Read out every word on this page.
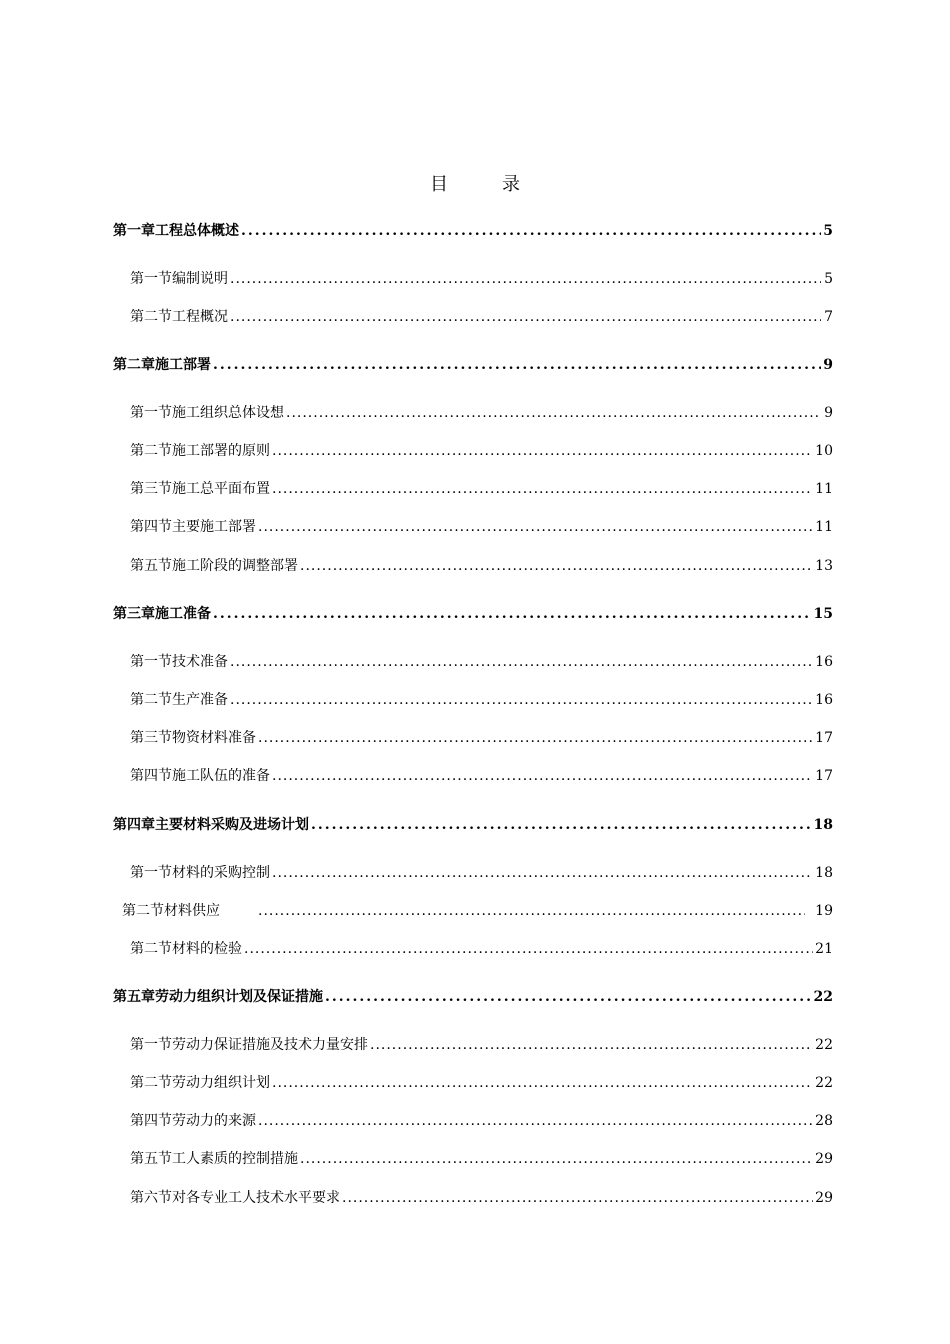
目　录
第一章 工程总体概述 .....	5
第一节 编制说明 .....	5
第二节 工程概况 .....	7
第二章 施工部署 .....	9
第一节 施工组织总体设想 .....	9
第二节 施工部署的原则 .....	10
第三节 施工总平面布置 .....	11
第四节 主要施工部署 .....	11
第五节 施工阶段的调整部署 .....	13
第三章 施工准备 .....	15
第一节 技术准备 .....	16
第二节 生产准备 .....	16
第三节 物资材料准备 .....	17
第四节 施工队伍的准备 .....	17
第四章 主要材料采购及进场计划 .....	18
第一节 材料的采购控制 .....	18
第二节 材料供应 .....	19
第二节 材料的检验 .....	21
第五章 劳动力组织计划及保证措施 .....	22
第一节 劳动力保证措施及技术力量安排 .....	22
第二节 劳动力组织计划 .....	22
第四节 劳动力的来源 .....	28
第五节 工人素质的控制措施 .....	29
第六节 对各专业工人技术水平要求 .....	29
